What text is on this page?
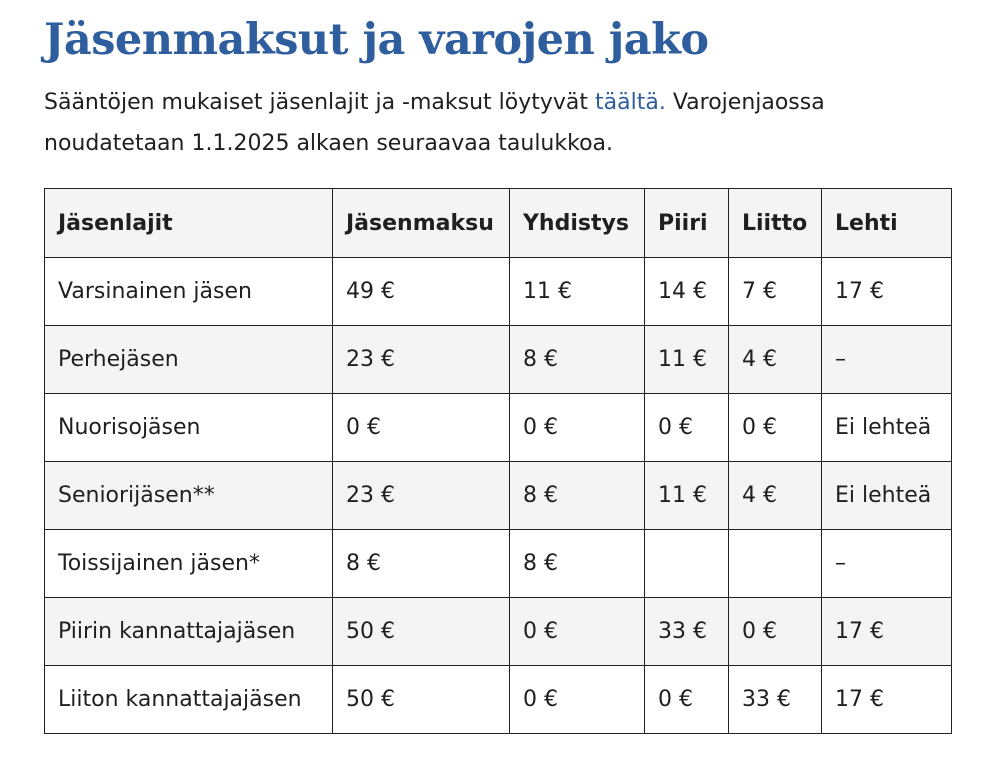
Jäsenmaksut ja varojen jako

Sääntöjen mukaiset jäsenlajit ja -maksut löytyvät täältä. Varojenjaossa noudatetaan 1.1.2025 alkaen seuraavaa taulukkoa.

Jäsenlajit	Jäsenmaksu	Yhdistys	Piiri	Liitto	Lehti
Varsinainen jäsen	49 €	11 €	14 €	7 €	17 €
Perhejäsen	23 €	8 €	11 €	4 €	–
Nuorisojäsen	0 €	0 €	0 €	0 €	Ei lehteä
Seniorijäsen**	23 €	8 €	11 €	4 €	Ei lehteä
Toissijainen jäsen*	8 €	8 €			–
Piirin kannattajajäsen	50 €	0 €	33 €	0 €	17 €
Liiton kannattajajäsen	50 €	0 €	0 €	33 €	17 €
